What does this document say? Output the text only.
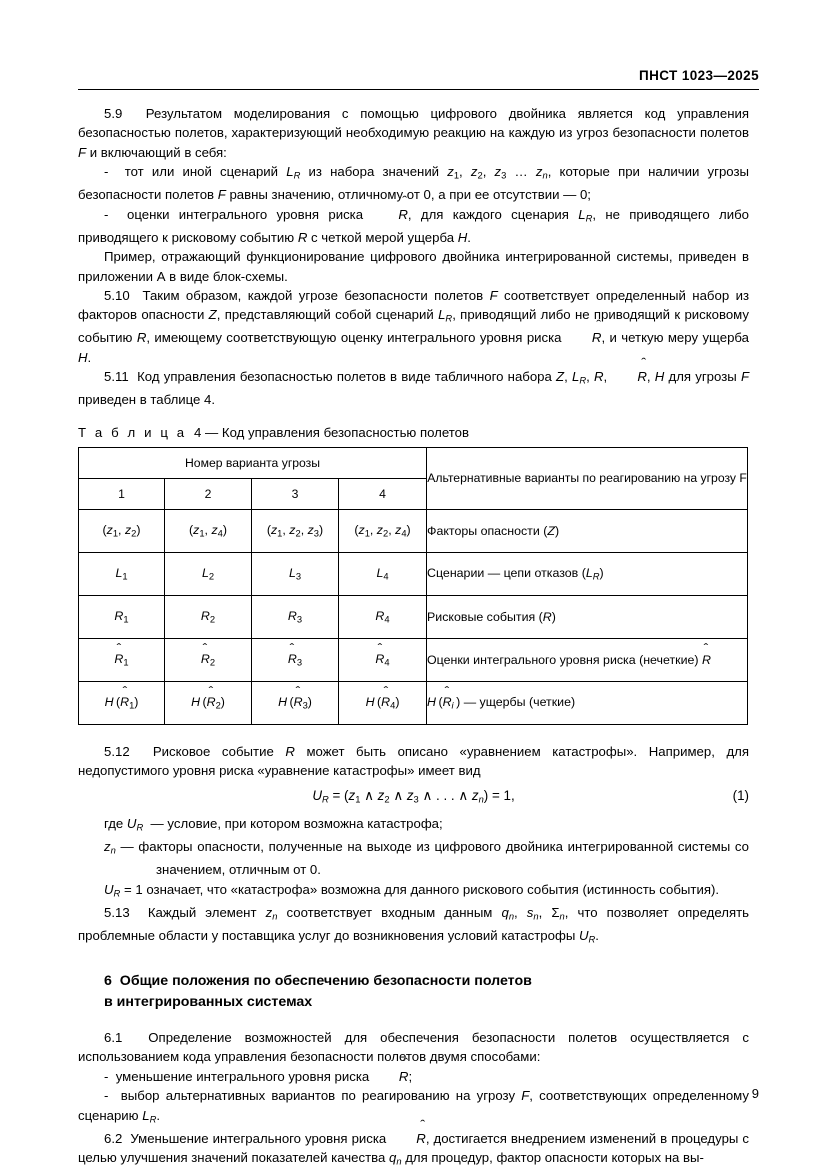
ПНСТ 1023—2025

5.9  Результатом моделирования с помощью цифрового двойника является код управления безопасностью полетов, характеризующий необходимую реакцию на каждую из угроз безопасности полетов F и включающий в себя:

-  тот или иной сценарий $L_R$ из набора значений z1, z2, z3 … $z_n$, которые при наличии угрозы безопасности полетов F равны значению, отличному от 0, а при ее отсутствии — 0;

-  оценки интегрального уровня риска ˆ R, для каждого сценария $L_R$, не приводящего либо приводящего к рисковому событию R с четкой мерой ущерба H.

Пример, отражающий функционирование цифрового двойника интегрированной системы, приведен в приложении А в виде блок-схемы.

5.10  Таким образом, каждой угрозе безопасности полетов F соответствует определенный набор из факторов опасности Z, представляющий собой сценарий $L_R$, приводящий либо не приводящий к рисковому событию R, имеющему соответствующую оценку интегрального уровня риска ˆ R, и четкую меру ущерба H.

5.11  Код управления безопасностью полетов в виде табличного набора Z, $L_R$, R, ˆ R, H для угрозы F приведен в таблице 4.

Т а б л и ц а 4 — Код управления безопасностью полетов
Номер варианта угрозы				Альтернативные варианты по реагированию на угрозу F
1	2	3	4	
($z_1$, $z_2$)	($z_1$, $z_4$)	($z_1$, $z_2$, $z_3$)	($z_1$, $z_2$, $z_4$)	Факторы опасности (Z)
$L_1$	$L_2$	$L_3$	$L_4$	Сценарии — цепи отказов $(L_R)$
$R_1$	$R_2$	$R_3$	$R_4$	Рисковые события (R)
ˆ $R_1$	ˆ $R_2$	ˆ $R_3$	ˆ $R_4$	Оценки интегрального уровня риска (нечеткие) ˆ R
H (ˆ $R_1$)	H (ˆ $R_2$)	H (ˆ $R_3$)	H (ˆ $R_4$)	H (ˆ $R_i$ ) — ущербы (четкие)

5.12  Рисковое событие R может быть описано «уравнением катастрофы». Например, для недопустимого уровня риска «уравнение катастрофы» имеет вид

$U_R = (z1$ ∧ z2 ∧ z3 ∧ . . . ∧ $z_n) = 1$,	(1)

где $U_R$  — условие, при котором возможна катастрофа;

$z_n$ — факторы опасности, полученные на выходе из цифрового двойника интегрированной системы со значением, отличным от 0.

$U_R = 1$ означает, что «катастрофа» возможна для данного рискового события (истинность события).

5.13  Каждый элемент $z_n$ соответствует входным данным $q_n$, $s_n$, $\Sigma_n$, что позволяет определять проблемные области у поставщика услуг до возникновения условий катастрофы $U_R$.

6 Общие положения по обеспечению безопасности полетов
в интегрированных системах

6.1  Определение возможностей для обеспечения безопасности полетов осуществляется с использованием кода управления безопасности полетов двумя способами:

-  уменьшение интегрального уровня риска ˆ R;

-  выбор альтернативных вариантов по реагированию на угрозу F, соответствующих определенному сценарию $L_R$.

6.2  Уменьшение интегрального уровня риска ˆ R, достигается внедрением изменений в процедуры с целью улучшения значений показателей качества $q_n$ для процедур, фактор опасности которых на вы-

9
